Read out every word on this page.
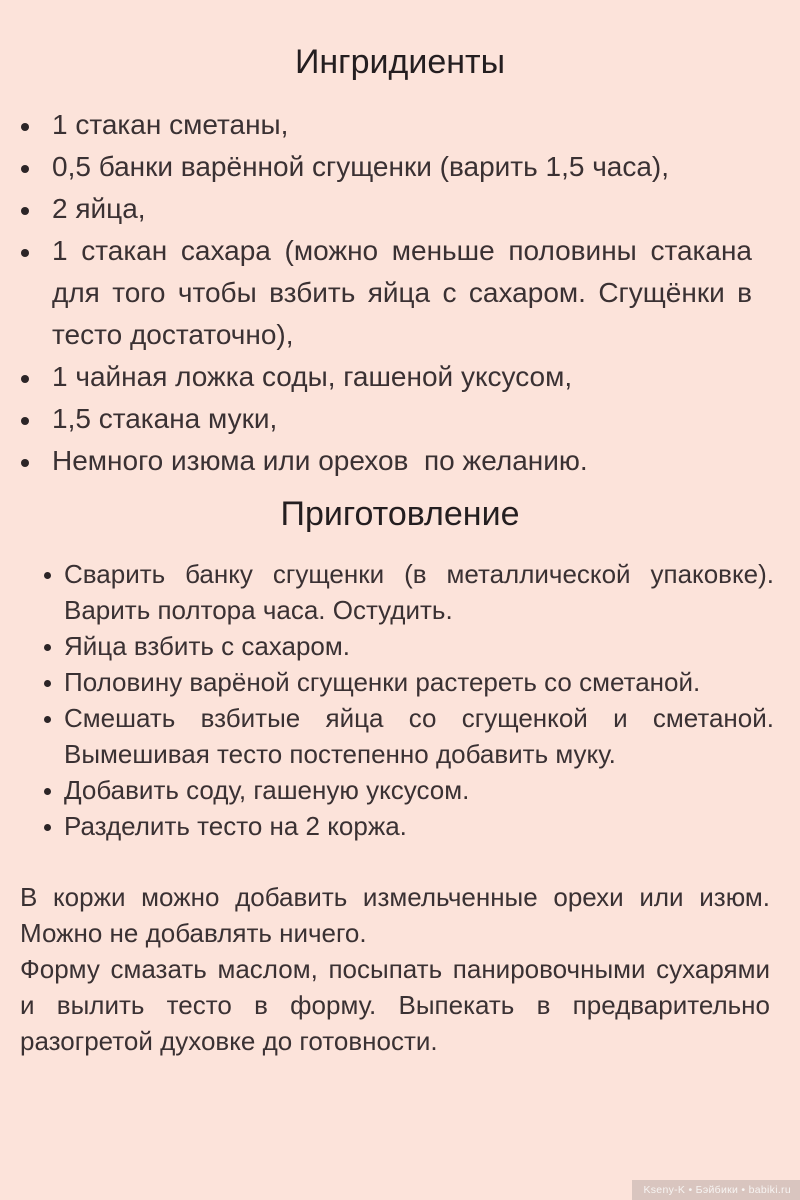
Ингридиенты
1 стакан сметаны,
0,5 банки варённой сгущенки (варить 1,5 часа),
2 яйца,
1 стакан сахара (можно меньше половины стакана для того чтобы взбить яйца с сахаром. Сгущёнки в тесто достаточно),
1 чайная ложка соды, гашеной уксусом,
1,5 стакана муки,
Немного изюма или орехов  по желанию.
Приготовление
Сварить банку сгущенки (в металлической упаковке). Варить полтора часа. Остудить.
Яйца взбить с сахаром.
Половину варёной сгущенки растереть со сметаной.
Смешать взбитые яйца со сгущенкой и сметаной. Вымешивая тесто постепенно добавить муку.
Добавить соду, гашеную уксусом.
Разделить тесто на 2 коржа.

В коржи можно добавить измельченные орехи или изюм. Можно не добавлять ничего.

Форму смазать маслом, посыпать панировочными сухарями и вылить тесто в форму. Выпекать в предварительно разогретой духовке до готовности.

Kseny-K • Бэйбики • babiki.ru
